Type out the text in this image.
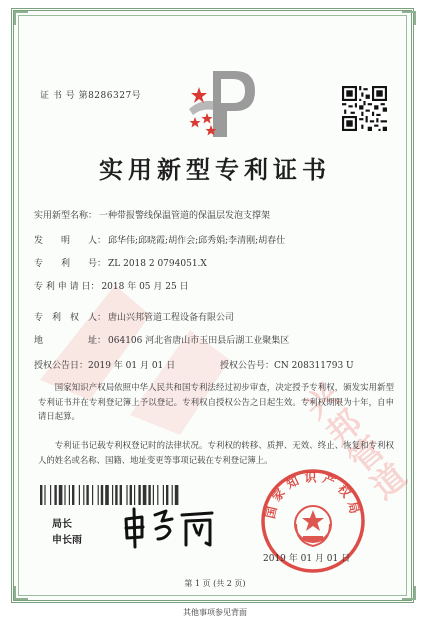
证 书 号 第8286327号
实用新型专利证书
兴邦管道
实用新型名称： 一种带报警线保温管道的保温层发泡支撑架
发　　明　　人： 邱华伟;邱晓霞;胡作会;邱秀娟;李清刚;胡春仕
专　　利　　号： ZL 2018 2 0794051.X
专 利 申 请 日： 2018 年 05 月 25 日
专　利　权　人： 唐山兴邦管道工程设备有限公司
地　　　　　址： 064106 河北省唐山市玉田县后湖工业聚集区
授权公告日：2019 年 01 月 01 日	授权公告号：CN 208311793 U
国家知识产权局依照中华人民共和国专利法经过初步审查，决定授予专利权，颁发实用新型专利证书并在专利登记簿上予以登记。专利权自授权公告之日起生效。专利权期限为十年，自申请日起算。
专利证书记载专利权登记时的法律状况。专利权的转移、质押、无效、终止、恢复和专利权人的姓名或名称、国籍、地址变更等事项记载在专利登记簿上。
局长
申长雨
国家知识产权局
2019 年 01 月 01 日
第 1 页 (共 2 页)
其他事项参见背面
